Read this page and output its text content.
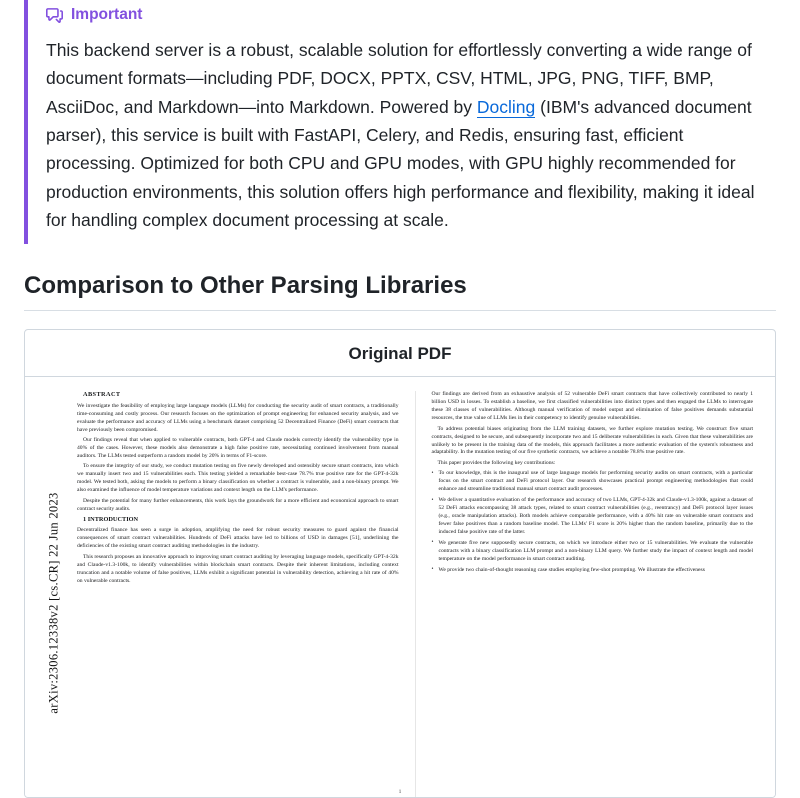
Important
This backend server is a robust, scalable solution for effortlessly converting a wide range of document formats—including PDF, DOCX, PPTX, CSV, HTML, JPG, PNG, TIFF, BMP, AsciiDoc, and Markdown—into Markdown. Powered by Docling (IBM's advanced document parser), this service is built with FastAPI, Celery, and Redis, ensuring fast, efficient processing. Optimized for both CPU and GPU modes, with GPU highly recommended for production environments, this solution offers high performance and flexibility, making it ideal for handling complex document processing at scale.
Comparison to Other Parsing Libraries
Original PDF
arXiv:2306.12338v2 [cs.CR] 22 Jun 2023

ABSTRACT

We investigate the feasibility of employing large language models (LLMs) for conducting the security audit of smart contracts, a traditionally time-consuming and costly process. Our research focuses on the optimization of prompt engineering for enhanced security analysis, and we evaluate the performance and accuracy of LLMs using a benchmark dataset comprising 52 Decentralized Finance (DeFi) smart contracts that have previously been compromised.

Our findings reveal that when applied to vulnerable contracts, both GPT-4 and Claude models correctly identify the vulnerability type in 40% of the cases. However, these models also demonstrate a high false positive rate, necessitating continued involvement from manual auditors. The LLMs tested outperform a random model by 20% in terms of F1-score.

To ensure the integrity of our study, we conduct mutation testing on five newly developed and ostensibly secure smart contracts, into which we manually insert two and 15 vulnerabilities each. This testing yielded a remarkable best-case 78.7% true positive rate for the GPT-4-32k model. We tested both, asking the models to perform a binary classification on whether a contract is vulnerable, and a non-binary prompt. We also examined the influence of model temperature variations and context length on the LLM's performance.

Despite the potential for many further enhancements, this work lays the groundwork for a more efficient and economical approach to smart contract security audits.

1 INTRODUCTION

Decentralized finance has seen a surge in adoption, amplifying the need for robust security measures to guard against the financial consequences of smart contract vulnerabilities. Hundreds of DeFi attacks have led to billions of USD in damages [51], underlining the deficiencies of the existing smart contract auditing methodologies in the industry.

This research proposes an innovative approach to improving smart contract auditing by leveraging language models, specifically GPT-4-32k and Claude-v1.3-100k, to identify vulnerabilities within blockchain smart contracts. Despite their inherent limitations, including context truncation and a notable volume of false positives, LLMs exhibit a significant potential in vulnerability detection, achieving a hit rate of 40% on vulnerable contracts.

Our findings are derived from an exhaustive analysis of 52 vulnerable DeFi smart contracts that have collectively contributed to nearly 1 billion USD in losses. To establish a baseline, we first classified vulnerabilities into distinct types and then engaged the LLMs to interrogate these 38 classes of vulnerabilities. Although manual verification of model output and elimination of false positives demands substantial resources, the true value of LLMs lies in their competency to identify genuine vulnerabilities.

To address potential biases originating from the LLM training datasets, we further explore mutation testing. We construct five smart contracts, designed to be secure, and subsequently incorporate two and 15 deliberate vulnerabilities in each. Given that these vulnerabilities are unlikely to be present in the training data of the models, this approach facilitates a more authentic evaluation of the system's robustness and adaptability. In the mutation testing of our five synthetic contracts, we achieve a notable 78.8% true positive rate.

This paper provides the following key contributions:

• To our knowledge, this is the inaugural use of large language models for performing security audits on smart contracts, with a particular focus on the smart contract and DeFi protocol layer. Our research showcases practical prompt engineering methodologies that could enhance and streamline traditional manual smart contract audit processes.
• We deliver a quantitative evaluation of the performance and accuracy of two LLMs, GPT-4-32k and Claude-v1.3-100k, against a dataset of 52 DeFi attacks encompassing 38 attack types, related to smart contract vulnerabilities (e.g., reentrancy) and DeFi protocol layer issues (e.g., oracle manipulation attacks). Both models achieve comparable performance, with a 40% hit rate on vulnerable smart contracts and fewer false positives than a random baseline model. The LLMs' F1 score is 20% higher than the random baseline, primarily due to the induced false positive rate of the latter.
• We generate five new supposedly secure contracts, on which we introduce either two or 15 vulnerabilities. We evaluate the vulnerable contracts with a binary classification LLM prompt and a non-binary LLM query. We further study the impact of context length and model temperature on the model performance in smart contract auditing.
• We provide two chain-of-thought reasoning case studies employing few-shot prompting. We illustrate the effectiveness
1
